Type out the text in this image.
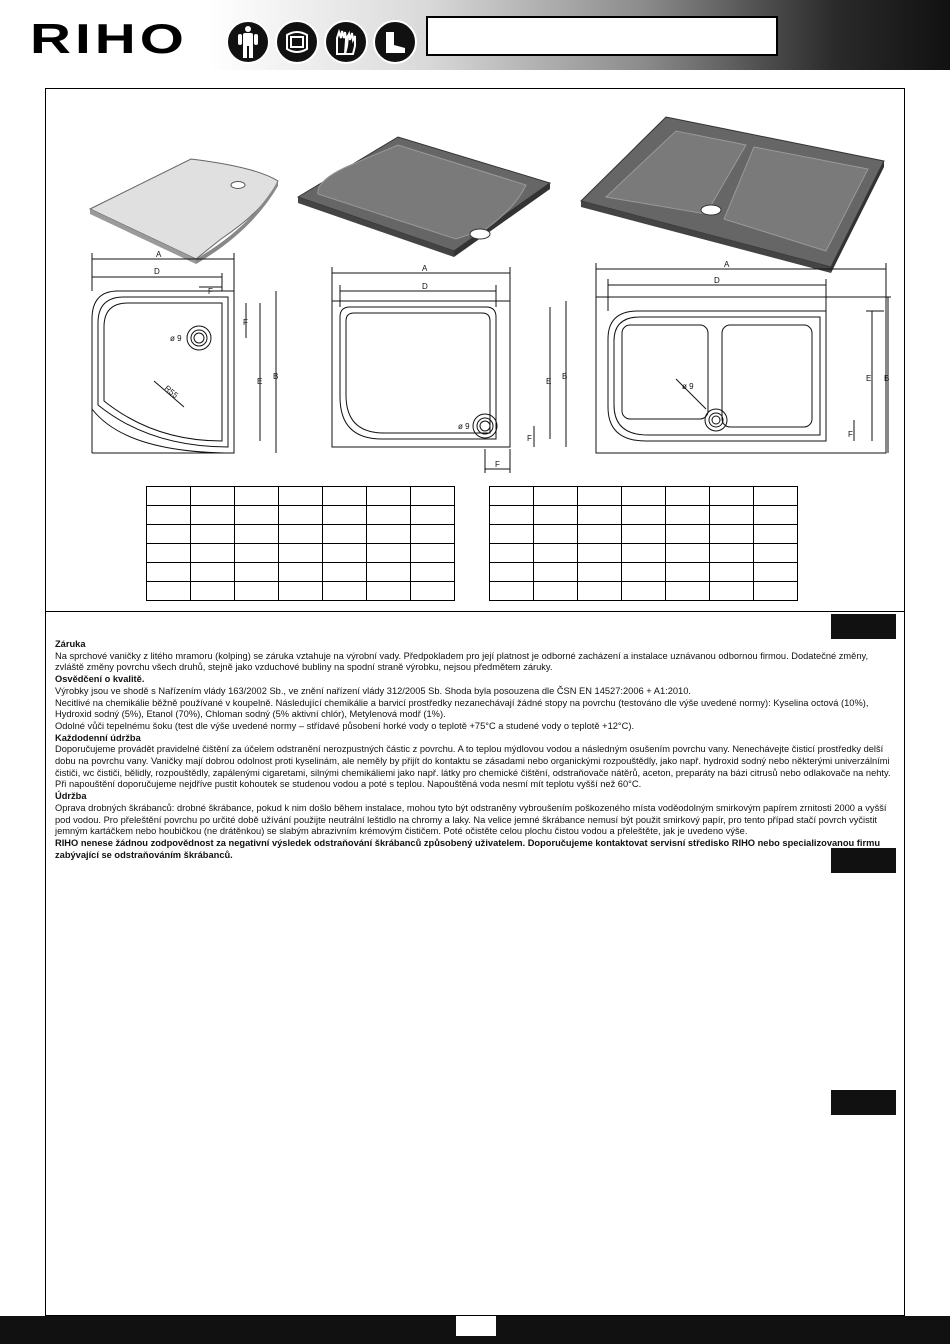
RIHO
A
D
F
B
E
F
ø 9
R55
A
D
B
E
F
F
ø 9
A
D
B
E
F
ø 9

Záruka

Na sprchové vaničky z litého mramoru (kolping) se záruka vztahuje na výrobní vady. Předpokladem pro její platnost je odborné zacházení a instalace uznávanou odbornou firmou. Dodatečné změny, zvláště změny povrchu všech druhů, stejně jako vzduchové bubliny na spodní straně výrobku, nejsou předmětem záruky.

Osvědčení o kvalitě.

Výrobky jsou ve shodě s Nařízením vlády 163/2002 Sb., ve znění nařízení vlády 312/2005 Sb. Shoda byla posouzena dle ČSN EN 14527:2006 + A1:2010.

Necitlivé na chemikálie běžně používané v koupelně. Následující chemikálie a barvicí prostředky nezanechávají žádné stopy na povrchu (testováno dle výše uvedené normy): Kyselina octová (10%), Hydroxid sodný (5%), Etanol (70%), Chloman sodný (5% aktivní chlór), Metylenová modř (1%).

Odolné vůči tepelnému šoku (test dle výše uvedené normy – střídavé působení horké vody o teplotě +75°C a studené vody o teplotě +12°C).

Každodenní údržba

Doporučujeme provádět pravidelné čištění za účelem odstranění nerozpustných částic z povrchu. A to teplou mýdlovou vodou a následným osušením povrchu vany. Nenechávejte čisticí prostředky delší dobu na povrchu vany. Vaničky mají dobrou odolnost proti kyselinám, ale neměly by přijít do kontaktu se zásadami nebo organickými rozpouštědly, jako např. hydroxid sodný nebo některými univerzálními čističi, wc čističi, bělidly, rozpouštědly, zapálenými cigaretami, silnými chemikáliemi jako např. látky pro chemické čištění, odstraňovače nátěrů, aceton, preparáty na bázi citrusů nebo odlakovače na nehty.

Při napouštění doporučujeme nejdříve pustit kohoutek se studenou vodou a poté s teplou. Napouštěná voda nesmí mít teplotu vyšší než 60°C.

Údržba

Oprava drobných škrábanců: drobné škrábance, pokud k nim došlo během instalace, mohou tyto být odstraněny vybroušením poškozeného místa voděodolným smirkovým papírem zrnitosti 2000 a vyšší pod vodou. Pro přeleštění povrchu po určité době užívání použijte neutrální leštidlo na chromy a laky. Na velice jemné škrábance nemusí být použit smirkový papír, pro tento případ stačí povrch vyčistit jemným kartáčkem nebo houbičkou (ne drátěnkou) se slabým abrazivním krémovým čističem. Poté očistěte celou plochu čistou vodou a přeleštěte, jak je uvedeno výše.

RIHO nenese žádnou zodpovědnost za negativní výsledek odstraňování škrábanců způsobený uživatelem. Doporučujeme kontaktovat servisní středisko RIHO nebo specializovanou firmu zabývající se odstraňováním škrábanců.
